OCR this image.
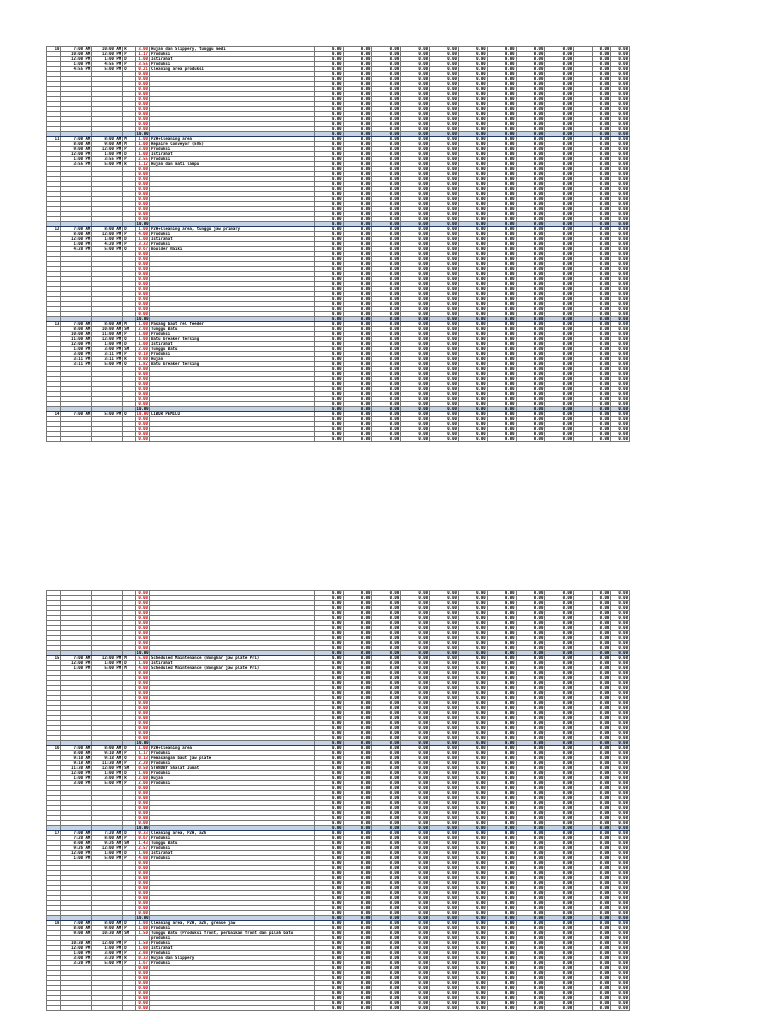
10	7:00 AM	10:00 AM	R	3.00	Hujan dan Slippery, tunggu medi	0.00	0.00	0.00	0.00	0.00	0.00	0.00	0.00	0.00		0.00	0.00
	10:00 AM	12:00 PM	P	1.17	Produksi	0.00	0.00	0.00	0.00	0.00	0.00	0.00	0.00	0.00		0.00	0.00
	12:00 PM	1:00 PM	D	1.00	Istirahat	0.00	0.00	0.00	0.00	0.00	0.00	0.00	0.00	0.00		0.00	0.00
	1:00 PM	4:55 PM	P	3.55	Produksi	0.00	0.00	0.00	0.00	0.00	0.00	0.00	0.00	0.00		0.00	0.00
	4:55 PM	5:00 PM	O	0.21	Cleaning area produksi	0.00	0.00	0.00	0.00	0.00	0.00	0.00	0.00	0.00		0.00	0.00
				0.00		0.00	0.00	0.00	0.00	0.00	0.00	0.00	0.00	0.00		0.00	0.00
				0.00		0.00	0.00	0.00	0.00	0.00	0.00	0.00	0.00	0.00		0.00	0.00
				0.00		0.00	0.00	0.00	0.00	0.00	0.00	0.00	0.00	0.00		0.00	0.00
				0.00		0.00	0.00	0.00	0.00	0.00	0.00	0.00	0.00	0.00		0.00	0.00
				0.00		0.00	0.00	0.00	0.00	0.00	0.00	0.00	0.00	0.00		0.00	0.00
				0.00		0.00	0.00	0.00	0.00	0.00	0.00	0.00	0.00	0.00		0.00	0.00
				0.00		0.00	0.00	0.00	0.00	0.00	0.00	0.00	0.00	0.00		0.00	0.00
				0.00		0.00	0.00	0.00	0.00	0.00	0.00	0.00	0.00	0.00		0.00	0.00
				0.00		0.00	0.00	0.00	0.00	0.00	0.00	0.00	0.00	0.00		0.00	0.00
				0.00		0.00	0.00	0.00	0.00	0.00	0.00	0.00	0.00	0.00		0.00	0.00
				0.00		0.00	0.00	0.00	0.00	0.00	0.00	0.00	0.00	0.00		0.00	0.00
				0.00		0.00	0.00	0.00	0.00	0.00	0.00	0.00	0.00	0.00		0.00	0.00
				10.00		0.00	0.00	0.00	0.00	0.00	0.00	0.00	0.00	0.00		0.00	0.00
11	7:00 AM	8:00 AM	M	1.00	P2H+Cleaning area	0.00	0.00	0.00	0.00	0.00	0.00	0.00	0.00	0.00		0.00	0.00
	8:00 AM	9:00 AM	M	1.00	Repaire Conveyor (EVE)	0.00	0.00	0.00	0.00	0.00	0.00	0.00	0.00	0.00		0.00	0.00
	9:00 AM	12:00 PM	P	3.00	Produksi	0.00	0.00	0.00	0.00	0.00	0.00	0.00	0.00	0.00		0.00	0.00
	12:00 PM	1:00 PM	D	1.00	Istirahat	0.00	0.00	0.00	0.00	0.00	0.00	0.00	0.00	0.00		0.00	0.00
	1:00 PM	3:55 PM	P	2.55	Produksi	0.00	0.00	0.00	0.00	0.00	0.00	0.00	0.00	0.00		0.00	0.00
	3:55 PM	5:00 PM	R	1.12	Hujan dan mati lampu	0.00	0.00	0.00	0.00	0.00	0.00	0.00	0.00	0.00		0.00	0.00
				0.00		0.00	0.00	0.00	0.00	0.00	0.00	0.00	0.00	0.00		0.00	0.00
				0.00		0.00	0.00	0.00	0.00	0.00	0.00	0.00	0.00	0.00		0.00	0.00
				0.00		0.00	0.00	0.00	0.00	0.00	0.00	0.00	0.00	0.00		0.00	0.00
				0.00		0.00	0.00	0.00	0.00	0.00	0.00	0.00	0.00	0.00		0.00	0.00
				0.00		0.00	0.00	0.00	0.00	0.00	0.00	0.00	0.00	0.00		0.00	0.00
				0.00		0.00	0.00	0.00	0.00	0.00	0.00	0.00	0.00	0.00		0.00	0.00
				0.00		0.00	0.00	0.00	0.00	0.00	0.00	0.00	0.00	0.00		0.00	0.00
				0.00		0.00	0.00	0.00	0.00	0.00	0.00	0.00	0.00	0.00		0.00	0.00
				0.00		0.00	0.00	0.00	0.00	0.00	0.00	0.00	0.00	0.00		0.00	0.00
				0.00		0.00	0.00	0.00	0.00	0.00	0.00	0.00	0.00	0.00		0.00	0.00
				0.00		0.00	0.00	0.00	0.00	0.00	0.00	0.00	0.00	0.00		0.00	0.00
				10.00		0.00	0.00	0.00	0.00	0.00	0.00	0.00	0.00	0.00		0.00	0.00
12	7:00 AM	8:00 AM	D	1.00	P2H+Cleaning area, tunggu jaw primary	0.00	0.00	0.00	0.00	0.00	0.00	0.00	0.00	0.00		0.00	0.00
	8:00 AM	12:00 PM	P	4.00	Produksi	0.00	0.00	0.00	0.00	0.00	0.00	0.00	0.00	0.00		0.00	0.00
	12:00 PM	1:00 PM	D	1.00	Istirahat	0.00	0.00	0.00	0.00	0.00	0.00	0.00	0.00	0.00		0.00	0.00
	1:00 PM	4:20 PM	P	3.33	Produksi	0.00	0.00	0.00	0.00	0.00	0.00	0.00	0.00	0.00		0.00	0.00
	4:20 PM	5:00 PM	O	0.67	Boulder Naiki	0.00	0.00	0.00	0.00	0.00	0.00	0.00	0.00	0.00		0.00	0.00
				0.00		0.00	0.00	0.00	0.00	0.00	0.00	0.00	0.00	0.00		0.00	0.00
				0.00		0.00	0.00	0.00	0.00	0.00	0.00	0.00	0.00	0.00		0.00	0.00
				0.00		0.00	0.00	0.00	0.00	0.00	0.00	0.00	0.00	0.00		0.00	0.00
				0.00		0.00	0.00	0.00	0.00	0.00	0.00	0.00	0.00	0.00		0.00	0.00
				0.00		0.00	0.00	0.00	0.00	0.00	0.00	0.00	0.00	0.00		0.00	0.00
				0.00		0.00	0.00	0.00	0.00	0.00	0.00	0.00	0.00	0.00		0.00	0.00
				0.00		0.00	0.00	0.00	0.00	0.00	0.00	0.00	0.00	0.00		0.00	0.00
				0.00		0.00	0.00	0.00	0.00	0.00	0.00	0.00	0.00	0.00		0.00	0.00
				0.00		0.00	0.00	0.00	0.00	0.00	0.00	0.00	0.00	0.00		0.00	0.00
				0.00		0.00	0.00	0.00	0.00	0.00	0.00	0.00	0.00	0.00		0.00	0.00
				0.00		0.00	0.00	0.00	0.00	0.00	0.00	0.00	0.00	0.00		0.00	0.00
				0.00		0.00	0.00	0.00	0.00	0.00	0.00	0.00	0.00	0.00		0.00	0.00
				0.00		0.00	0.00	0.00	0.00	0.00	0.00	0.00	0.00	0.00		0.00	0.00
				10.00		0.00	0.00	0.00	0.00	0.00	0.00	0.00	0.00	0.00		0.00	0.00
13	7:00 AM	8:00 AM	M	1.00	Pasang baut rel feeder	0.00	0.00	0.00	0.00	0.00	0.00	0.00	0.00	0.00		0.00	0.00
	8:00 AM	10:00 AM	SM	2.00	Tunggu Batu	0.00	0.00	0.00	0.00	0.00	0.00	0.00	0.00	0.00		0.00	0.00
	10:00 AM	11:00 AM	P	1.00	Produksi	0.00	0.00	0.00	0.00	0.00	0.00	0.00	0.00	0.00		0.00	0.00
	11:00 AM	12:00 PM	O	1.00	Batu breaker tersing	0.00	0.00	0.00	0.00	0.00	0.00	0.00	0.00	0.00		0.00	0.00
	12:00 PM	1:00 PM	D	1.00	Istirahat	0.00	0.00	0.00	0.00	0.00	0.00	0.00	0.00	0.00		0.00	0.00
	1:00 PM	3:00 PM	SM	2.00	Tunggu Batu	0.00	0.00	0.00	0.00	0.00	0.00	0.00	0.00	0.00		0.00	0.00
	3:00 PM	3:11 PM	P	0.18	Produksi	0.00	0.00	0.00	0.00	0.00	0.00	0.00	0.00	0.00		0.00	0.00
	3:11 PM	3:11 PM	R	0.00	Hujan	0.00	0.00	0.00	0.00	0.00	0.00	0.00	0.00	0.00		0.00	0.00
	3:11 PM	5:00 PM	O	1.82	Batu breaker tersing	0.00	0.00	0.00	0.00	0.00	0.00	0.00	0.00	0.00		0.00	0.00
				0.00		0.00	0.00	0.00	0.00	0.00	0.00	0.00	0.00	0.00		0.00	0.00
				0.00		0.00	0.00	0.00	0.00	0.00	0.00	0.00	0.00	0.00		0.00	0.00
				0.00		0.00	0.00	0.00	0.00	0.00	0.00	0.00	0.00	0.00		0.00	0.00
				0.00		0.00	0.00	0.00	0.00	0.00	0.00	0.00	0.00	0.00		0.00	0.00
				0.00		0.00	0.00	0.00	0.00	0.00	0.00	0.00	0.00	0.00		0.00	0.00
				0.00		0.00	0.00	0.00	0.00	0.00	0.00	0.00	0.00	0.00		0.00	0.00
				0.00		0.00	0.00	0.00	0.00	0.00	0.00	0.00	0.00	0.00		0.00	0.00
				0.00		0.00	0.00	0.00	0.00	0.00	0.00	0.00	0.00	0.00		0.00	0.00
				10.00		0.00	0.00	0.00	0.00	0.00	0.00	0.00	0.00	0.00		0.00	0.00
14	7:00 AM	5:00 PM	O	10.00	LIBUR PEMILU	0.00	0.00	0.00	0.00	0.00	0.00	0.00	0.00	0.00		0.00	0.00
				0.00		0.00	0.00	0.00	0.00	0.00	0.00	0.00	0.00	0.00		0.00	0.00
				0.00		0.00	0.00	0.00	0.00	0.00	0.00	0.00	0.00	0.00		0.00	0.00
				0.00		0.00	0.00	0.00	0.00	0.00	0.00	0.00	0.00	0.00		0.00	0.00
				0.00		0.00	0.00	0.00	0.00	0.00	0.00	0.00	0.00	0.00		0.00	0.00
				0.00		0.00	0.00	0.00	0.00	0.00	0.00	0.00	0.00	0.00		0.00	0.00
				0.00		0.00	0.00	0.00	0.00	0.00	0.00	0.00	0.00	0.00		0.00	0.00
				0.00		0.00	0.00	0.00	0.00	0.00	0.00	0.00	0.00	0.00		0.00	0.00
				0.00		0.00	0.00	0.00	0.00	0.00	0.00	0.00	0.00	0.00		0.00	0.00
				0.00		0.00	0.00	0.00	0.00	0.00	0.00	0.00	0.00	0.00		0.00	0.00
				0.00		0.00	0.00	0.00	0.00	0.00	0.00	0.00	0.00	0.00		0.00	0.00
				0.00		0.00	0.00	0.00	0.00	0.00	0.00	0.00	0.00	0.00		0.00	0.00
				0.00		0.00	0.00	0.00	0.00	0.00	0.00	0.00	0.00	0.00		0.00	0.00
				0.00		0.00	0.00	0.00	0.00	0.00	0.00	0.00	0.00	0.00		0.00	0.00
				0.00		0.00	0.00	0.00	0.00	0.00	0.00	0.00	0.00	0.00		0.00	0.00
				0.00		0.00	0.00	0.00	0.00	0.00	0.00	0.00	0.00	0.00		0.00	0.00
				0.00		0.00	0.00	0.00	0.00	0.00	0.00	0.00	0.00	0.00		0.00	0.00
				0.00		0.00	0.00	0.00	0.00	0.00	0.00	0.00	0.00	0.00		0.00	0.00
				10.00		0.00	0.00	0.00	0.00	0.00	0.00	0.00	0.00	0.00		0.00	0.00
15	7:00 AM	12:00 PM	M	5.00	Scheduled Maintenance (Bongkar jaw plate Pri)	0.00	0.00	0.00	0.00	0.00	0.00	0.00	0.00	0.00		0.00	0.00
	12:00 PM	1:00 PM	D	1.00	Istirahat	0.00	0.00	0.00	0.00	0.00	0.00	0.00	0.00	0.00		0.00	0.00
	1:00 PM	5:00 PM	M	4.00	Scheduled Maintenance (Bongkar jaw plate Pri)	0.00	0.00	0.00	0.00	0.00	0.00	0.00	0.00	0.00		0.00	0.00
				0.00		0.00	0.00	0.00	0.00	0.00	0.00	0.00	0.00	0.00		0.00	0.00
				0.00		0.00	0.00	0.00	0.00	0.00	0.00	0.00	0.00	0.00		0.00	0.00
				0.00		0.00	0.00	0.00	0.00	0.00	0.00	0.00	0.00	0.00		0.00	0.00
				0.00		0.00	0.00	0.00	0.00	0.00	0.00	0.00	0.00	0.00		0.00	0.00
				0.00		0.00	0.00	0.00	0.00	0.00	0.00	0.00	0.00	0.00		0.00	0.00
				0.00		0.00	0.00	0.00	0.00	0.00	0.00	0.00	0.00	0.00		0.00	0.00
				0.00		0.00	0.00	0.00	0.00	0.00	0.00	0.00	0.00	0.00		0.00	0.00
				0.00		0.00	0.00	0.00	0.00	0.00	0.00	0.00	0.00	0.00		0.00	0.00
				0.00		0.00	0.00	0.00	0.00	0.00	0.00	0.00	0.00	0.00		0.00	0.00
				0.00		0.00	0.00	0.00	0.00	0.00	0.00	0.00	0.00	0.00		0.00	0.00
				0.00		0.00	0.00	0.00	0.00	0.00	0.00	0.00	0.00	0.00		0.00	0.00
				0.00		0.00	0.00	0.00	0.00	0.00	0.00	0.00	0.00	0.00		0.00	0.00
				0.00		0.00	0.00	0.00	0.00	0.00	0.00	0.00	0.00	0.00		0.00	0.00
				0.00		0.00	0.00	0.00	0.00	0.00	0.00	0.00	0.00	0.00		0.00	0.00
				10.00		0.00	0.00	0.00	0.00	0.00	0.00	0.00	0.00	0.00		0.00	0.00
16	7:00 AM	8:00 AM	D	1.00	P2H+Cleaning area	0.00	0.00	0.00	0.00	0.00	0.00	0.00	0.00	0.00		0.00	0.00
	8:00 AM	9:10 AM	P	1.17	Produksi	0.00	0.00	0.00	0.00	0.00	0.00	0.00	0.00	0.00		0.00	0.00
	9:10 AM	9:18 AM	O	0.13	Pemasangan baut jaw plate	0.00	0.00	0.00	0.00	0.00	0.00	0.00	0.00	0.00		0.00	0.00
	9:18 AM	11:30 AM	P	2.20	Produksi	0.00	0.00	0.00	0.00	0.00	0.00	0.00	0.00	0.00		0.00	0.00
	11:30 AM	12:00 PM	SM	0.50	STANDBY Shalat Jumat	0.00	0.00	0.00	0.00	0.00	0.00	0.00	0.00	0.00		0.00	0.00
	12:00 PM	1:00 PM	D	1.00	Produksi	0.00	0.00	0.00	0.00	0.00	0.00	0.00	0.00	0.00		0.00	0.00
	1:00 PM	3:00 PM	R	2.00	Hujan	0.00	0.00	0.00	0.00	0.00	0.00	0.00	0.00	0.00		0.00	0.00
	3:00 PM	5:00 PM	P	2.00	Produksi	0.00	0.00	0.00	0.00	0.00	0.00	0.00	0.00	0.00		0.00	0.00
				0.00		0.00	0.00	0.00	0.00	0.00	0.00	0.00	0.00	0.00		0.00	0.00
				0.00		0.00	0.00	0.00	0.00	0.00	0.00	0.00	0.00	0.00		0.00	0.00
				0.00		0.00	0.00	0.00	0.00	0.00	0.00	0.00	0.00	0.00		0.00	0.00
				0.00		0.00	0.00	0.00	0.00	0.00	0.00	0.00	0.00	0.00		0.00	0.00
				0.00		0.00	0.00	0.00	0.00	0.00	0.00	0.00	0.00	0.00		0.00	0.00
				0.00		0.00	0.00	0.00	0.00	0.00	0.00	0.00	0.00	0.00		0.00	0.00
				0.00		0.00	0.00	0.00	0.00	0.00	0.00	0.00	0.00	0.00		0.00	0.00
				0.00		0.00	0.00	0.00	0.00	0.00	0.00	0.00	0.00	0.00		0.00	0.00
				10.00		0.00	0.00	0.00	0.00	0.00	0.00	0.00	0.00	0.00		0.00	0.00
17	7:00 AM	7:20 AM	D	0.33	Cleaning area, P2H, a2h	0.00	0.00	0.00	0.00	0.00	0.00	0.00	0.00	0.00		0.00	0.00
	7:20 AM	8:00 AM	P	0.67	Produksi	0.00	0.00	0.00	0.00	0.00	0.00	0.00	0.00	0.00		0.00	0.00
	8:00 AM	9:26 AM	SM	1.43	Tunggu Batu	0.00	0.00	0.00	0.00	0.00	0.00	0.00	0.00	0.00		0.00	0.00
	9:26 AM	12:00 PM	P	2.57	Produksi	0.00	0.00	0.00	0.00	0.00	0.00	0.00	0.00	0.00		0.00	0.00
	12:00 PM	1:00 PM	D	1.00	Istirahat	0.00	0.00	0.00	0.00	0.00	0.00	0.00	0.00	0.00		0.00	0.00
	1:00 PM	5:00 PM	P	4.00	Produksi	0.00	0.00	0.00	0.00	0.00	0.00	0.00	0.00	0.00		0.00	0.00
				0.00		0.00	0.00	0.00	0.00	0.00	0.00	0.00	0.00	0.00		0.00	0.00
				0.00		0.00	0.00	0.00	0.00	0.00	0.00	0.00	0.00	0.00		0.00	0.00
				0.00		0.00	0.00	0.00	0.00	0.00	0.00	0.00	0.00	0.00		0.00	0.00
				0.00		0.00	0.00	0.00	0.00	0.00	0.00	0.00	0.00	0.00		0.00	0.00
				0.00		0.00	0.00	0.00	0.00	0.00	0.00	0.00	0.00	0.00		0.00	0.00
				0.00		0.00	0.00	0.00	0.00	0.00	0.00	0.00	0.00	0.00		0.00	0.00
				0.00		0.00	0.00	0.00	0.00	0.00	0.00	0.00	0.00	0.00		0.00	0.00
				0.00		0.00	0.00	0.00	0.00	0.00	0.00	0.00	0.00	0.00		0.00	0.00
				0.00		0.00	0.00	0.00	0.00	0.00	0.00	0.00	0.00	0.00		0.00	0.00
				0.00		0.00	0.00	0.00	0.00	0.00	0.00	0.00	0.00	0.00		0.00	0.00
				0.00		0.00	0.00	0.00	0.00	0.00	0.00	0.00	0.00	0.00		0.00	0.00
				10.00		0.00	0.00	0.00	0.00	0.00	0.00	0.00	0.00	0.00		0.00	0.00
18	7:00 AM	8:00 AM	D	1.00	Cleaning area, P2H, a2h, grease jaw	0.00	0.00	0.00	0.00	0.00	0.00	0.00	0.00	0.00		0.00	0.00
	8:00 AM	9:00 AM	P	1.00	Produksi	0.00	0.00	0.00	0.00	0.00	0.00	0.00	0.00	0.00		0.00	0.00
	9:00 AM	10:30 AM	SM	1.50	Tunggu Batu (Produksi front, perbaikan front dan pilah batu	0.00	0.00	0.00	0.00	0.00	0.00	0.00	0.00	0.00		0.00	0.00
					produksi	0.00	0.00	0.00	0.00	0.00	0.00	0.00	0.00	0.00		0.00	0.00
	10:30 AM	12:00 PM	P	1.50	Produksi	0.00	0.00	0.00	0.00	0.00	0.00	0.00	0.00	0.00		0.00	0.00
	12:00 PM	1:00 PM	D	1.00	Istirahat	0.00	0.00	0.00	0.00	0.00	0.00	0.00	0.00	0.00		0.00	0.00
	1:00 PM	3:00 PM	P	2.00	Produksi	0.00	0.00	0.00	0.00	0.00	0.00	0.00	0.00	0.00		0.00	0.00
	3:00 PM	3:20 PM	R	0.33	Hujan dan Slippery	0.00	0.00	0.00	0.00	0.00	0.00	0.00	0.00	0.00		0.00	0.00
	3:20 PM	5:00 PM	P	1.67	Produksi	0.00	0.00	0.00	0.00	0.00	0.00	0.00	0.00	0.00		0.00	0.00
				0.00		0.00	0.00	0.00	0.00	0.00	0.00	0.00	0.00	0.00		0.00	0.00
				0.00		0.00	0.00	0.00	0.00	0.00	0.00	0.00	0.00	0.00		0.00	0.00
				0.00		0.00	0.00	0.00	0.00	0.00	0.00	0.00	0.00	0.00		0.00	0.00
				0.00		0.00	0.00	0.00	0.00	0.00	0.00	0.00	0.00	0.00		0.00	0.00
				0.00		0.00	0.00	0.00	0.00	0.00	0.00	0.00	0.00	0.00		0.00	0.00
				0.00		0.00	0.00	0.00	0.00	0.00	0.00	0.00	0.00	0.00		0.00	0.00
				0.00		0.00	0.00	0.00	0.00	0.00	0.00	0.00	0.00	0.00		0.00	0.00
				0.00		0.00	0.00	0.00	0.00	0.00	0.00	0.00	0.00	0.00		0.00	0.00
				0.00		0.00	0.00	0.00	0.00	0.00	0.00	0.00	0.00	0.00		0.00	0.00
